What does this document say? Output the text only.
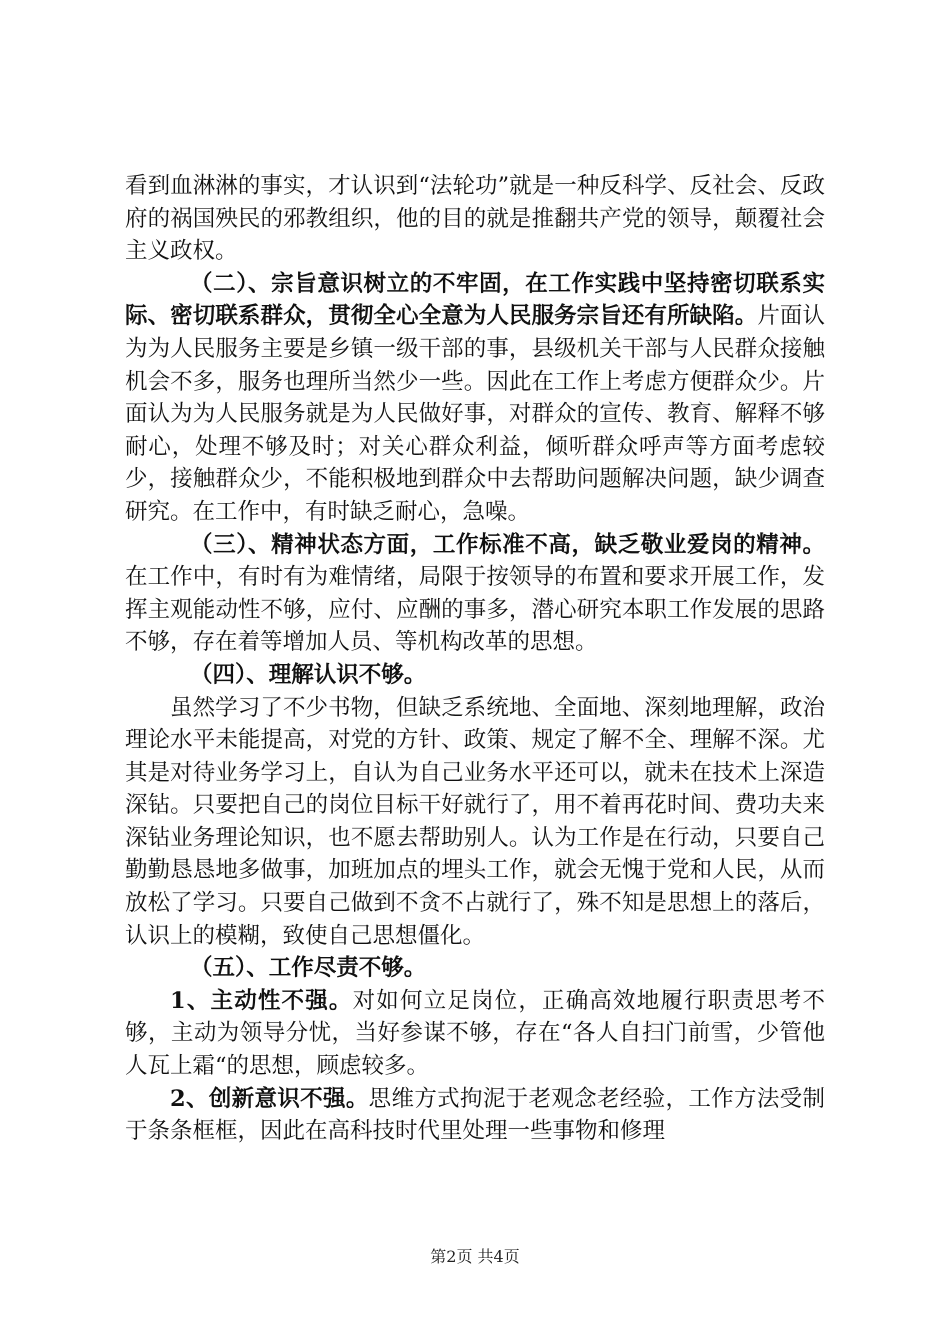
看到血淋淋的事实，才认识到“法轮功”就是一种反科学、反社会、反政府的祸国殃民的邪教组织，他的目的就是推翻共产党的领导，颠覆社会主义政权。

（二）、宗旨意识树立的不牢固，在工作实践中坚持密切联系实际、密切联系群众，贯彻全心全意为人民服务宗旨还有所缺陷。片面认为为人民服务主要是乡镇一级干部的事，县级机关干部与人民群众接触机会不多，服务也理所当然少一些。因此在工作上考虑方便群众少。片面认为为人民服务就是为人民做好事，对群众的宣传、教育、解释不够耐心，处理不够及时；对关心群众利益，倾听群众呼声等方面考虑较少，接触群众少，不能积极地到群众中去帮助问题解决问题，缺少调查研究。在工作中，有时缺乏耐心，急噪。

（三）、精神状态方面，工作标准不高，缺乏敬业爱岗的精神。在工作中，有时有为难情绪，局限于按领导的布置和要求开展工作，发挥主观能动性不够，应付、应酬的事多，潜心研究本职工作发展的思路不够，存在着等增加人员、等机构改革的思想。

（四）、理解认识不够。

虽然学习了不少书物，但缺乏系统地、全面地、深刻地理解，政治理论水平未能提高，对党的方针、政策、规定了解不全、理解不深。尤其是对待业务学习上，自认为自己业务水平还可以，就未在技术上深造深钻。只要把自己的岗位目标干好就行了，用不着再花时间、费功夫来深钻业务理论知识，也不愿去帮助别人。认为工作是在行动，只要自己勤勤恳恳地多做事，加班加点的埋头工作，就会无愧于党和人民，从而放松了学习。只要自己做到不贪不占就行了，殊不知是思想上的落后，认识上的模糊，致使自己思想僵化。

（五）、工作尽责不够。

1、主动性不强。对如何立足岗位，正确高效地履行职责思考不够，主动为领导分忧，当好参谋不够，存在“各人自扫门前雪，少管他人瓦上霜“的思想，顾虑较多。

2、创新意识不强。思维方式拘泥于老观念老经验，工作方法受制于条条框框，因此在高科技时代里处理一些事物和修理

第2页 共4页
